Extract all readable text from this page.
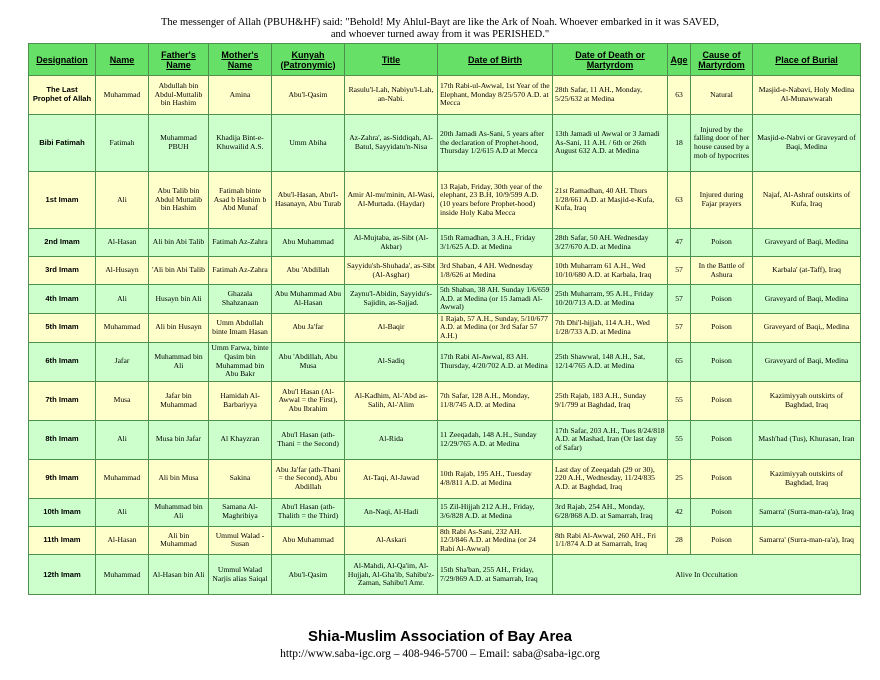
The messenger of Allah (PBUH&HF) said: "Behold! My Ahlul-Bayt are like the Ark of Noah. Whoever embarked in it was SAVED,
and whoever turned away from it was PERISHED."
Designation	Name	Father's Name	Mother's Name	Kunyah (Patronymic)	Title	Date of Birth	Date of Death or Martyrdom	Age	Cause of Martyrdom	Place of Burial
The Last Prophet of Allah	Muhammad	Abdullah bin Abdul-Muttalib bin Hashim	Amina	Abu'l-Qasim	Rasulu'l-Lah, Nabiyu'l-Lah, an-Nabi.	17th Rabi-ul-Awwal, 1st Year of the Elephant, Monday 8/25/570 A.D. at Mecca	28th Safar, 11 AH., Monday, 5/25/632 at Medina	63	Natural	Masjid-e-Nabavi, Holy Medina Al-Munawwarah
Bibi Fatimah	Fatimah	Muhammad PBUH	Khadija Bint-e-Khuwailid A.S.	Umm Abiha	Az-Zahra', as-Siddiqah, Al-Batul, Sayyidatu'n-Nisa	20th Jamadi As-Sani, 5 years after the declaration of Prophet-hood, Thursday 1/2/615 A.D at Mecca	13th Jamadi ul Awwal or 3 Jamadi As-Sani, 11 A.H. / 6th or 26th August 632 A.D. at Medina	18	Injured by the falling door of her house caused by a mob of hypocrites	Masjid-e-Nabvi or Graveyard of Baqi, Medina
1st Imam	Ali	Abu Talib bin Abdul Muttalib bin Hashim	Fatimah binte Asad b Hashim b Abd Munaf	Abu'l-Hasan, Abu'l-Hasanayn, Abu Turab	Amir Al-mu'minin, Al-Wasi, Al-Murtada. (Haydar)	13 Rajab, Friday, 30th year of the elephant, 23 B.H, 10/9/599 A.D. (10 years before Prophet-hood) inside Holy Kaba Mecca	21st Ramadhan, 40 AH. Thurs 1/28/661 A.D. at Masjid-e-Kufa, Kufa, Iraq	63	Injured during Fajar prayers	Najaf, Al-Ashraf outskirts of Kufa, Iraq
2nd Imam	Al-Hasan	Ali bin Abi Talib	Fatimah Az-Zahra	Abu Muhammad	Al-Mujtaba, as-Sibt (Al-Akbar)	15th Ramadhan, 3 A.H., Friday 3/1/625 A.D. at Medina	28th Safar, 50 AH. Wednesday 3/27/670 A.D. at Medina	47	Poison	Graveyard of Baqi, Medina
3rd Imam	Al-Husayn	'Ali bin Abi Talib	Fatimah Az-Zahra	Abu 'Abdillah	Sayyidu'sh-Shuhada', as-Sibt (Al-Asghar)	3rd Shaban, 4 AH. Wednesday 1/8/626 at Medina	10th Muharram 61 A.H., Wed 10/10/680 A.D. at Karbala, Iraq	57	In the Battle of Ashura	Karbala' (at-Taff), Iraq
4th Imam	Ali	Husayn bin Ali	Ghazala Shahzanaan	Abu Muhammad Abu Al-Hasan	Zaynu'l-Abidin, Sayyidu's-Sajidin, as-Sajjad.	5th Shaban, 38 AH. Sunday 1/6/659 A.D. at Medina (or 15 Jamadi Al-Awwal)	25th Muharram, 95 A.H., Friday 10/20/713 A.D. at Medina	57	Poison	Graveyard of Baqi, Medina
5th Imam	Muhammad	Ali bin Husayn	Umm Abdullah binte Imam Hasan	Abu Ja'far	Al-Baqir	1 Rajab, 57 A.H., Sunday, 5/10/677 A.D. at Medina (or 3rd Safar 57 A.H.)	7th Dhi'l-hijjah, 114 A.H., Wed 1/28/733 A.D. at Medina	57	Poison	Graveyard of Baqi,, Medina
6th Imam	Jafar	Muhammad bin Ali	Umm Farwa, binte Qasim bin Muhammad bin Abu Bakr	Abu 'Abdillah, Abu Musa	Al-Sadiq	17th Rabi Al-Awwal, 83 AH. Thursday, 4/20/702 A.D. at Medina	25th Shawwal, 148 A.H., Sat, 12/14/765 A.D. at Medina	65	Poison	Graveyard of Baqi, Medina
7th Imam	Musa	Jafar bin Muhammad	Hamidah Al-Barbariyya	Abu'l Hasan (Al-Awwal = the First), Abu Ibrahim	Al-Kadhim, Al-'Abd as-Salih, Al-'Alim	7th Safar, 128 A.H., Monday, 11/8/745 A.D. at Medina	25th Rajab, 183 A.H., Sunday 9/1/799 at Baghdad, Iraq	55	Poison	Kazimiyyah outskirts of Baghdad, Iraq
8th Imam	Ali	Musa bin Jafar	Al Khayzran	Abu'l Hasan (ath-Thani = the Second)	Al-Rida	11 Zeeqadah, 148 A.H., Sunday 12/29/765 A.D. at Medina	17th Safar, 203 A.H., Tues 8/24/818 A.D. at Mashad, Iran (Or last day of Safar)	55	Poison	Mash'had (Tus), Khurasan, Iran
9th Imam	Muhammad	Ali bin Musa	Sakina	Abu Ja'far (ath-Thani = the Second), Abu Abdillah	At-Taqi, Al-Jawad	10th Rajab, 195 AH., Tuesday 4/8/811 A.D. at Medina	Last day of Zeeqadah (29 or 30), 220 A.H., Wednesday, 11/24/835 A.D. at Baghdad, Iraq	25	Poison	Kazimiyyah outskirts of Baghdad, Iraq
10th Imam	Ali	Muhammad bin Ali	Samana Al-Maghribiya	Abu'l Hasan (ath-Thalith = the Third)	An-Naqi, Al-Hadi	15 Zil-Hijjah 212 A.H., Friday, 3/6/828 A.D. at Medina	3rd Rajab, 254 AH., Monday, 6/28/868 A.D. at Samarrah, Iraq	42	Poison	Samarra' (Surra-man-ra'a), Iraq
11th Imam	Al-Hasan	Ali bin Muhammad	Ummul Walad - Susan	Abu Muhammad	Al-Askari	8th Rabi As-Sani, 232 AH. 12/3/846 A.D. at Medina (or 24 Rabi Al-Awwal)	8th Rabi Al-Awwal, 260 AH., Fri 1/1/874 A.D at Samarrah, Iraq	28	Poison	Samarra' (Surra-man-ra'a), Iraq
12th Imam	Muhammad	Al-Hasan bin Ali	Ummul Walad Narjis alias Saiqal	Abu'l-Qasim	Al-Mahdi, Al-Qa'im, Al-Hujjah, Al-Gha'ib, Sahibu'z-Zaman, Sahibu'l Amr.	15th Sha'ban, 255 AH., Friday, 7/29/869 A.D. at Samarrah, Iraq	Alive In Occultation			
Shia-Muslim Association of Bay Area
http://www.saba-igc.org – 408-946-5700 – Email: saba@saba-igc.org
